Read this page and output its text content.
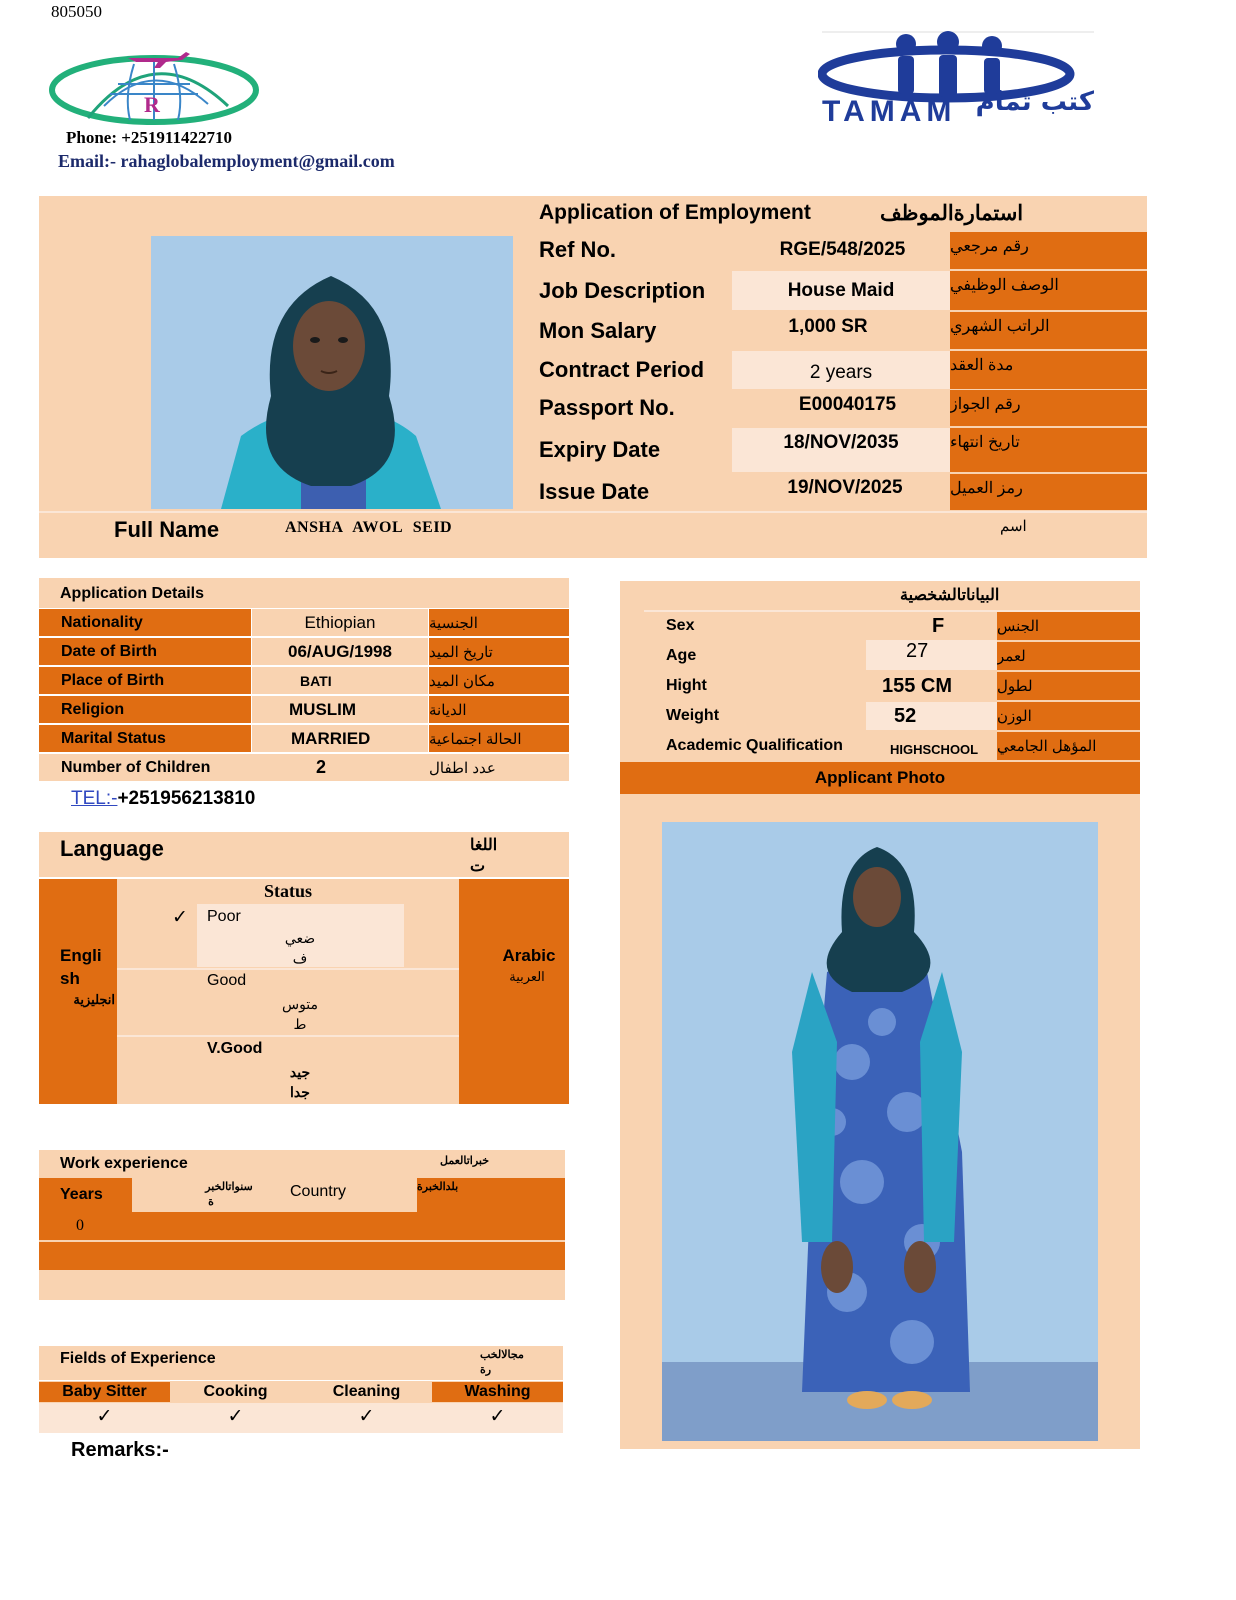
805050
R
Phone: +251911422710
Email:- rahaglobalemployment@gmail.com
TAMAM كتب تمام
Application of Employment	استمارةالموظف
Ref No.	RGE/548/2025	رقم مرجعي
Job Description	House Maid	الوصف الوظيفي
Mon Salary	1,000 SR	الراتب الشهري
Contract Period	2 years	مدة العقد
Passport No.	E00040175	رقم الجواز
Expiry Date	18/NOV/2035	تاريخ انتهاء
Issue Date	19/NOV/2025	رمز العميل
Full Name	ANSHA AWOL SEID	اسم
Application Details
Nationality	Ethiopian	الجنسية
Date of Birth	06/AUG/1998	تاريخ الميد
Place of Birth	BATI	مكان الميد
Religion	MUSLIM	الديانة
Marital Status	MARRIED	الحالة اجتماعية
Number of Children	2	عدد اطفال
TEL:- +251956213810
البياناتالشخصية
Sex	F	الجنس
Age	27	لعمر
Hight	155 CM	لطول
Weight	52	الوزن
Academic Qualification	HIGHSCHOOL	المؤهل الجامعي
Applicant Photo
Language	اللغا
ت
Engli
sh
انجليزية
Status
✓	Poor
ضعي
ف
Good
متوس
ط
V.Good
جيد
جدا
Arabic
العربية
Work experience	خبراتالعمل
Years	سنواتالخبر
ة
Country	بلدالخبرة
0
Fields of Experience	مجالالخب
رة
Baby Sitter	Cooking	Cleaning	Washing
✓	✓	✓	✓
Remarks:-
